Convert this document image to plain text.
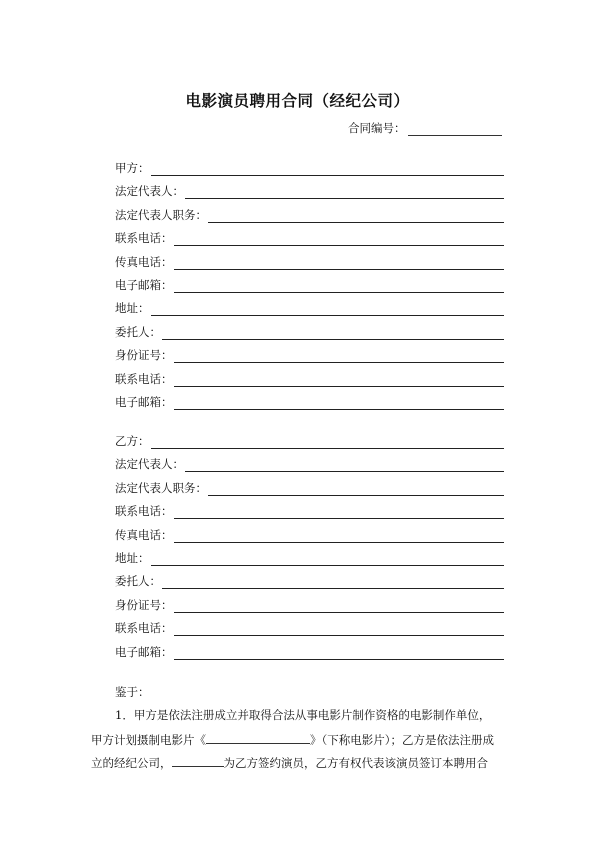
电影演员聘用合同（经纪公司）
合同编号：
甲方：
法定代表人：
法定代表人职务：
联系电话：
传真电话：
电子邮箱：
地址：
委托人：
身份证号：
联系电话：
电子邮箱：
乙方：
法定代表人：
法定代表人职务：
联系电话：
传真电话：
地址：
委托人：
身份证号：
联系电话：
电子邮箱：
鉴于：
1．甲方是依法注册成立并取得合法从事电影片制作资格的电影制作单位，
甲方计划摄制电影片《	》（下称电影片）；乙方是依法注册成
立的经纪公司，	为乙方签约演员，乙方有权代表该演员签订本聘用合
